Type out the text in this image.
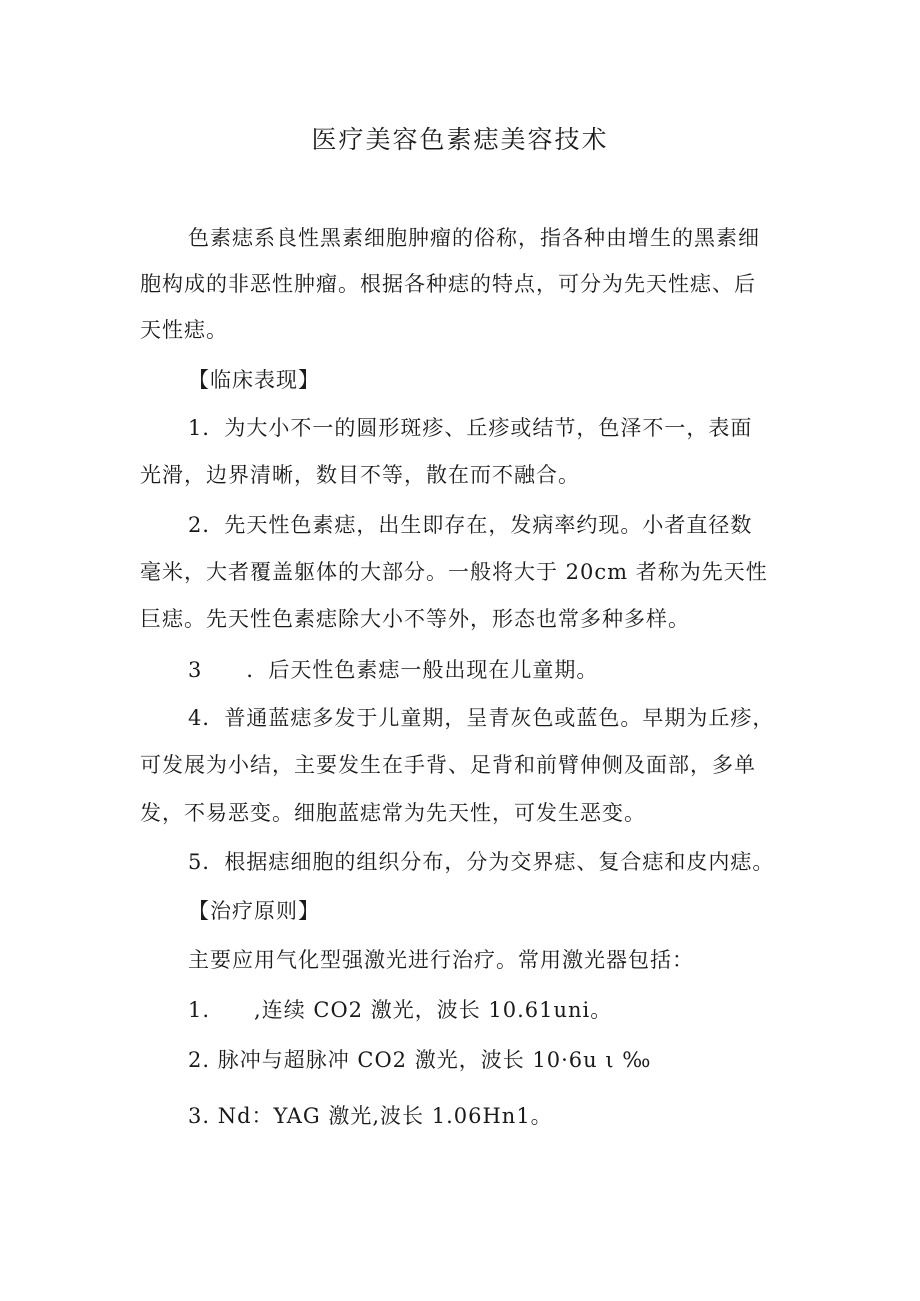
医疗美容色素痣美容技术
色素痣系良性黑素细胞肿瘤的俗称，指各种由增生的黑素细
胞构成的非恶性肿瘤。根据各种痣的特点，可分为先天性痣、后
天性痣。
【临床表现】
1．为大小不一的圆形斑疹、丘疹或结节，色泽不一，表面
光滑，边界清晰，数目不等，散在而不融合。
2．先天性色素痣，出生即存在，发病率约现。小者直径数
毫米，大者覆盖躯体的大部分。一般将大于 20cm 者称为先天性
巨痣。先天性色素痣除大小不等外，形态也常多种多样。
3　　．后天性色素痣一般出现在儿童期。
4．普通蓝痣多发于儿童期，呈青灰色或蓝色。早期为丘疹，
可发展为小结，主要发生在手背、足背和前臂伸侧及面部，多单
发，不易恶变。细胞蓝痣常为先天性，可发生恶变。
5．根据痣细胞的组织分布，分为交界痣、复合痣和皮内痣。
【治疗原则】
主要应用气化型强激光进行治疗。常用激光器包括：
1.　　,连续 CO2 激光，波长 10.61uni。
2. 脉冲与超脉冲 CO2 激光，波长 10·6u ι ‰
3. Nd：YAG 激光,波长 1.06Hn1。
